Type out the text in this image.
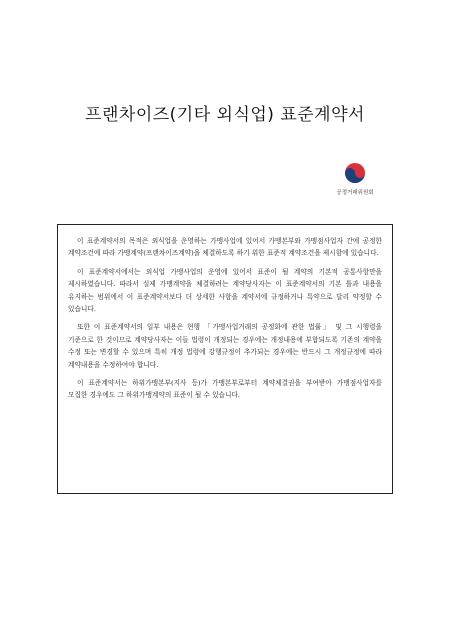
프랜차이즈(기타 외식업) 표준계약서
공정거래위원회

이 표준계약서의 목적은 외식업을 운영하는 가맹사업에 있어서 가맹본부와 가맹점사업자 간에 공정한 계약조건에 따라 가맹계약(프랜차이즈계약)을 체결하도록 하기 위한 표준적 계약조건을 제시함에 있습니다.

이 표준계약서에서는 외식업 가맹사업의 운영에 있어서 표준이 될 계약의 기본적 공통사항만을 제시하였습니다. 따라서 실제 가맹계약을 체결하려는 계약당사자는 이 표준계약서의 기본 틀과 내용을 유지하는 범위에서 이 표준계약서보다 더 상세한 사항을 계약서에 규정하거나 특약으로 달리 약정할 수 있습니다.

또한 이 표준계약서의 일부 내용은 현행 「가맹사업거래의 공정화에 관한 법률」 및 그 시행령을 기준으로 한 것이므로 계약당사자는 이들 법령이 개정되는 경우에는 개정내용에 부합되도록 기존의 계약을 수정 또는 변경할 수 있으며 특히 개정 법령에 강행규정이 추가되는 경우에는 반드시 그 개정규정에 따라 계약내용을 수정하여야 합니다.

이 표준계약서는 하위가맹본부(지사 등)가 가맹본부로부터 계약체결권을 부여받아 가맹점사업자를 모집한 경우에도 그 하위가맹계약의 표준이 될 수 있습니다.
